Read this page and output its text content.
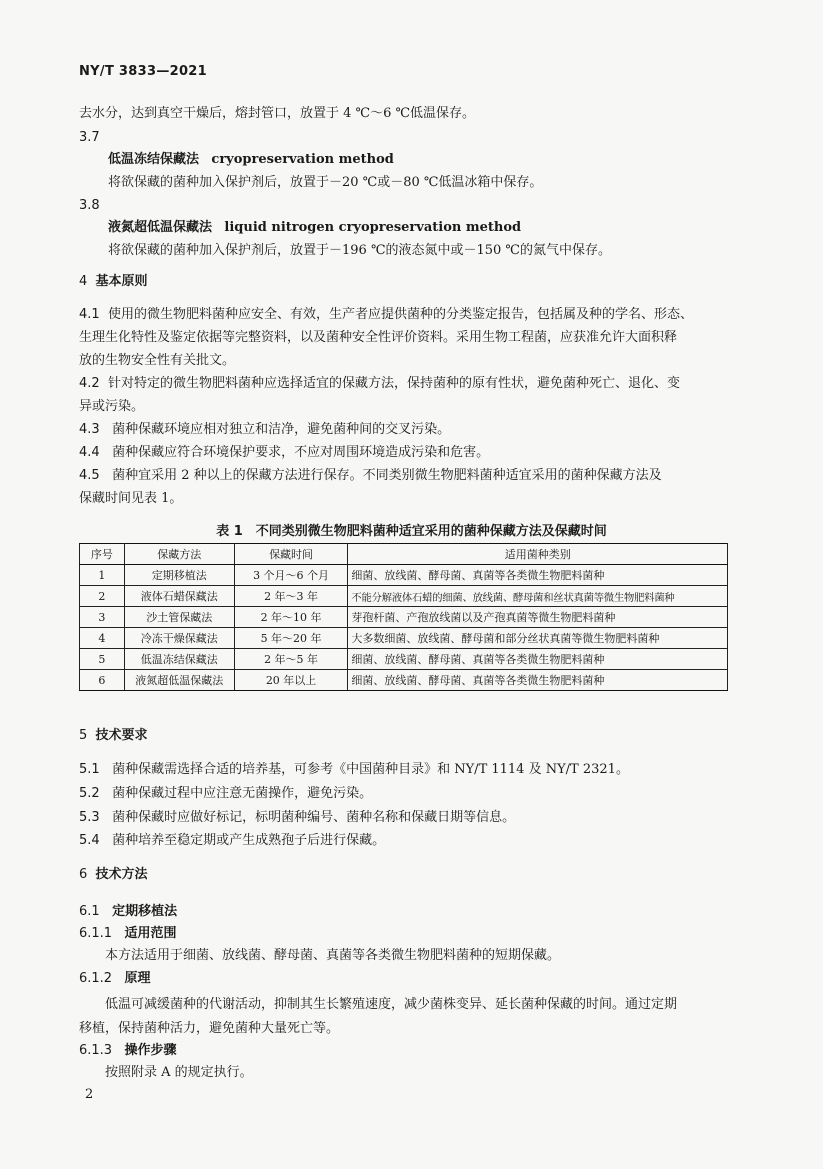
NY/T 3833—2021
去水分，达到真空干燥后，熔封管口，放置于 4 ℃～6 ℃低温保存。
3.7
低温冻结保藏法 cryopreservation method
将欲保藏的菌种加入保护剂后，放置于－20 ℃或－80 ℃低温冰箱中保存。
3.8
液氮超低温保藏法 liquid nitrogen cryopreservation method
将欲保藏的菌种加入保护剂后，放置于－196 ℃的液态氮中或－150 ℃的氮气中保存。
4 基本原则
4.1 使用的微生物肥料菌种应安全、有效，生产者应提供菌种的分类鉴定报告，包括属及种的学名、形态、
生理生化特性及鉴定依据等完整资料，以及菌种安全性评价资料。采用生物工程菌，应获准允许大面积释
放的生物安全性有关批文。
4.2 针对特定的微生物肥料菌种应选择适宜的保藏方法，保持菌种的原有性状，避免菌种死亡、退化、变
异或污染。
4.3 菌种保藏环境应相对独立和洁净，避免菌种间的交叉污染。
4.4 菌种保藏应符合环境保护要求，不应对周围环境造成污染和危害。
4.5 菌种宜采用 2 种以上的保藏方法进行保存。不同类别微生物肥料菌种适宜采用的菌种保藏方法及
保藏时间见表 1。
表 1　不同类别微生物肥料菌种适宜采用的菌种保藏方法及保藏时间
序号	保藏方法	保藏时间	适用菌种类别
1	定期移植法	3 个月～6 个月	细菌、放线菌、酵母菌、真菌等各类微生物肥料菌种
2	液体石蜡保藏法	2 年～3 年	不能分解液体石蜡的细菌、放线菌、酵母菌和丝状真菌等微生物肥料菌种
3	沙土管保藏法	2 年～10 年	芽孢杆菌、产孢放线菌以及产孢真菌等微生物肥料菌种
4	冷冻干燥保藏法	5 年～20 年	大多数细菌、放线菌、酵母菌和部分丝状真菌等微生物肥料菌种
5	低温冻结保藏法	2 年～5 年	细菌、放线菌、酵母菌、真菌等各类微生物肥料菌种
6	液氮超低温保藏法	20 年以上	细菌、放线菌、酵母菌、真菌等各类微生物肥料菌种
5 技术要求
5.1 菌种保藏需选择合适的培养基，可参考《中国菌种目录》和 NY/T 1114 及 NY/T 2321。
5.2 菌种保藏过程中应注意无菌操作，避免污染。
5.3 菌种保藏时应做好标记，标明菌种编号、菌种名称和保藏日期等信息。
5.4 菌种培养至稳定期或产生成熟孢子后进行保藏。
6 技术方法
6.1 定期移植法
6.1.1 适用范围
本方法适用于细菌、放线菌、酵母菌、真菌等各类微生物肥料菌种的短期保藏。
6.1.2 原理
低温可减缓菌种的代谢活动，抑制其生长繁殖速度，减少菌株变异、延长菌种保藏的时间。通过定期
移植，保持菌种活力，避免菌种大量死亡等。
6.1.3 操作步骤
按照附录 A 的规定执行。
2
